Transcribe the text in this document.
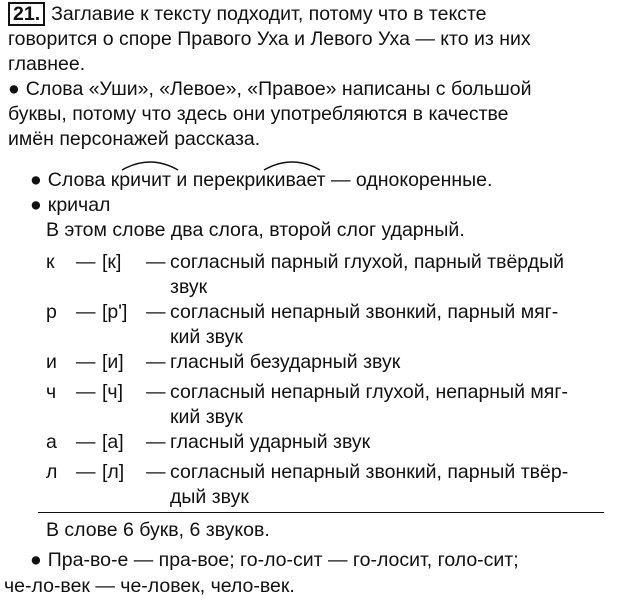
21. Заглавие к тексту подходит, потому что в тексте
говорится о споре Правого Уха и Левого Уха — кто из них
главнее.
● Слова «Уши», «Левое», «Правое» написаны с большой
буквы, потому что здесь они употребляются в качестве
имён персонажей рассказа.
● Слова кричит и перекрикивает — однокоренные.
● кричал
В этом слове два слога, второй слог ударный.
к — [к] — согласный парный глухой, парный твёрдый
звук
р — [р'] — согласный непарный звонкий, парный мяг-
кий звук
и — [и] — гласный безударный звук
ч — [ч] — согласный непарный глухой, непарный мяг-
кий звук
а — [а] — гласный ударный звук
л — [л] — согласный непарный звонкий, парный твёр-
дый звук
В слове 6 букв, 6 звуков.
● Пра-во-е — пра-вое; го-ло-сит — го-лосит, голо-сит;
че-ло-век — че-ловек, чело-век.
